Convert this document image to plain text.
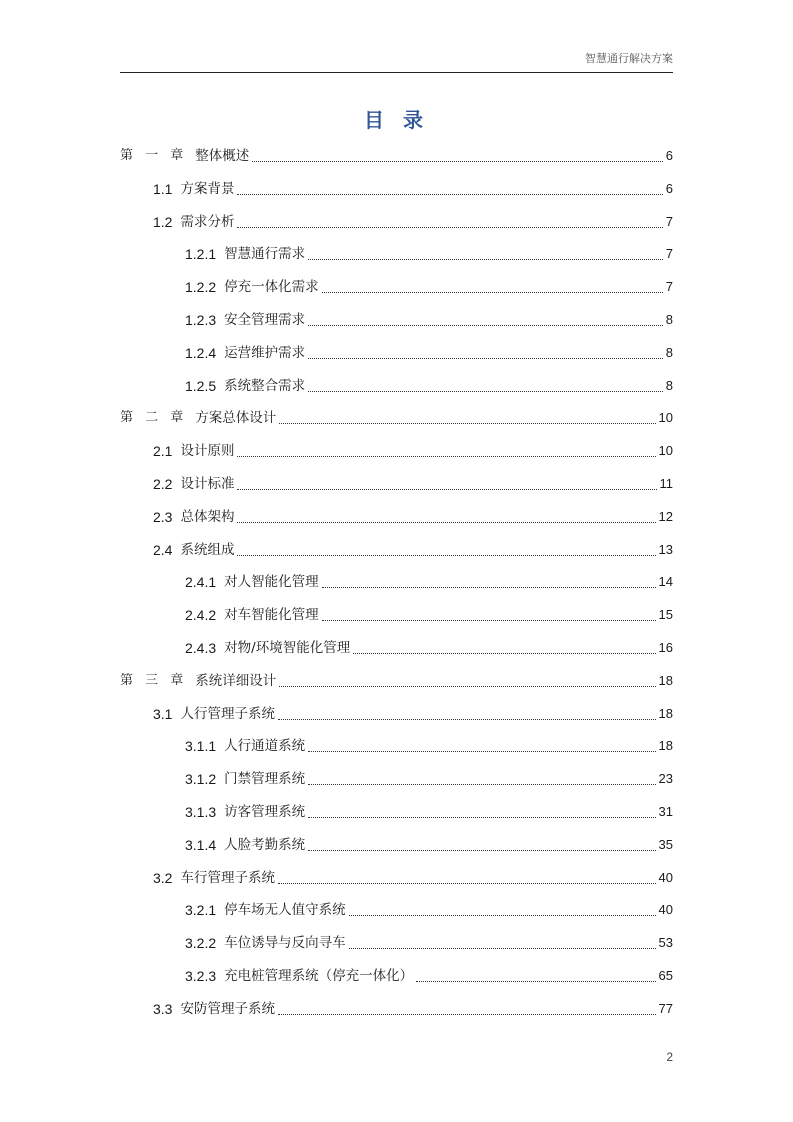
智慧通行解决方案
目 录
第 一 章 整体概述	6
1.1 方案背景	6
1.2 需求分析	7
1.2.1 智慧通行需求	7
1.2.2 停充一体化需求	7
1.2.3 安全管理需求	8
1.2.4 运营维护需求	8
1.2.5 系统整合需求	8
第 二 章 方案总体设计	10
2.1 设计原则	10
2.2 设计标准	11
2.3 总体架构	12
2.4 系统组成	13
2.4.1 对人智能化管理	14
2.4.2 对车智能化管理	15
2.4.3 对物/环境智能化管理	16
第 三 章 系统详细设计	18
3.1 人行管理子系统	18
3.1.1 人行通道系统	18
3.1.2 门禁管理系统	23
3.1.3 访客管理系统	31
3.1.4 人脸考勤系统	35
3.2 车行管理子系统	40
3.2.1 停车场无人值守系统	40
3.2.2 车位诱导与反向寻车	53
3.2.3 充电桩管理系统（停充一体化）	65
3.3 安防管理子系统	77
2
